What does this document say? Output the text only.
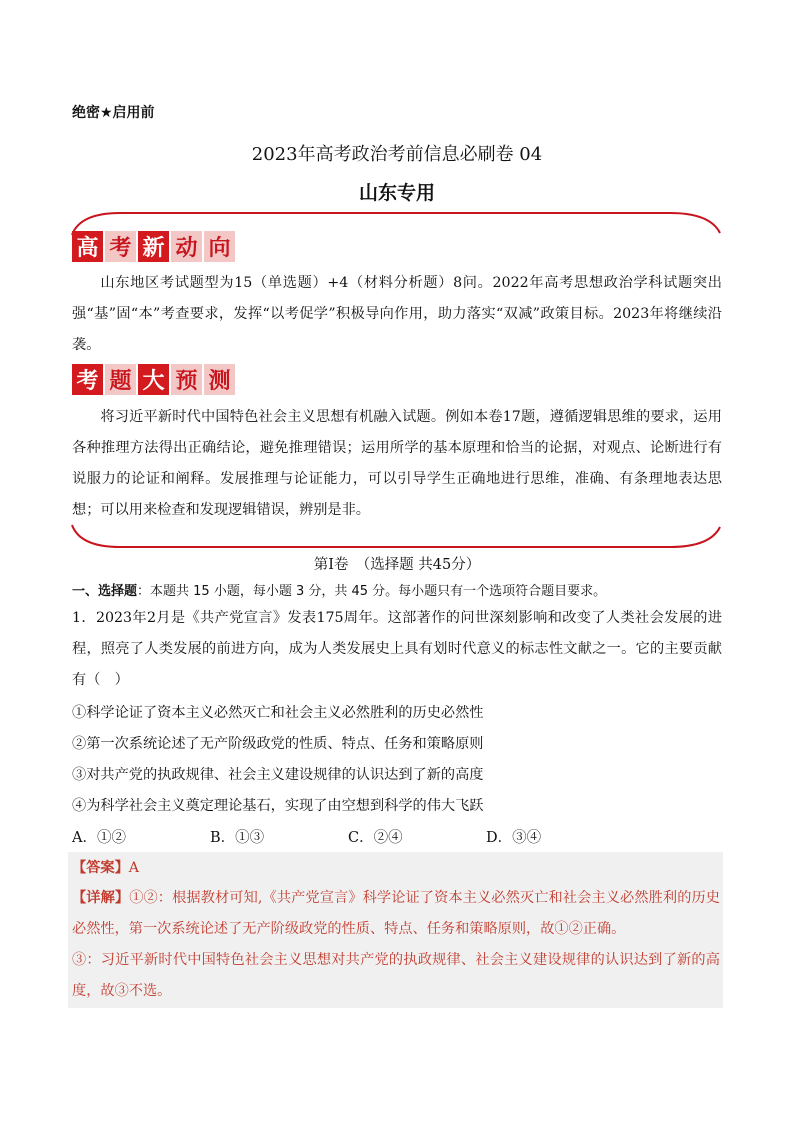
绝密★启用前
2023年高考政治考前信息必刷卷 04
山东专用
高 考 新 动 向
山东地区考试题型为15（单选题）+4（材料分析题）8问。2022年高考思想政治学科试题突出强“基”固“本”考查要求，发挥“以考促学”积极导向作用，助力落实“双减”政策目标。2023年将继续沿袭。
考 题 大 预 测
将习近平新时代中国特色社会主义思想有机融入试题。例如本卷17题，遵循逻辑思维的要求，运用各种推理方法得出正确结论，避免推理错误；运用所学的基本原理和恰当的论据，对观点、论断进行有说服力的论证和阐释。发展推理与论证能力，可以引导学生正确地进行思维，准确、有条理地表达思想；可以用来检查和发现逻辑错误，辨别是非。
第Ⅰ卷　（选择题 共45分）
一、选择题：本题共 15 小题，每小题 3 分，共 45 分。每小题只有一个选项符合题目要求。
1．2023年2月是《共产党宣言》发表175周年。这部著作的问世深刻影响和改变了人类社会发展的进程，照亮了人类发展的前进方向，成为人类发展史上具有划时代意义的标志性文献之一。它的主要贡献有（　）
①科学论证了资本主义必然灭亡和社会主义必然胜利的历史必然性
②第一次系统论述了无产阶级政党的性质、特点、任务和策略原则
③对共产党的执政规律、社会主义建设规律的认识达到了新的高度
④为科学社会主义奠定理论基石，实现了由空想到科学的伟大飞跃
A．①②	B．①③	C．②④	D．③④
【答案】A
【详解】①②：根据教材可知,《共产党宣言》科学论证了资本主义必然灭亡和社会主义必然胜利的历史必然性，第一次系统论述了无产阶级政党的性质、特点、任务和策略原则，故①②正确。
③：习近平新时代中国特色社会主义思想对共产党的执政规律、社会主义建设规律的认识达到了新的高度，故③不选。
